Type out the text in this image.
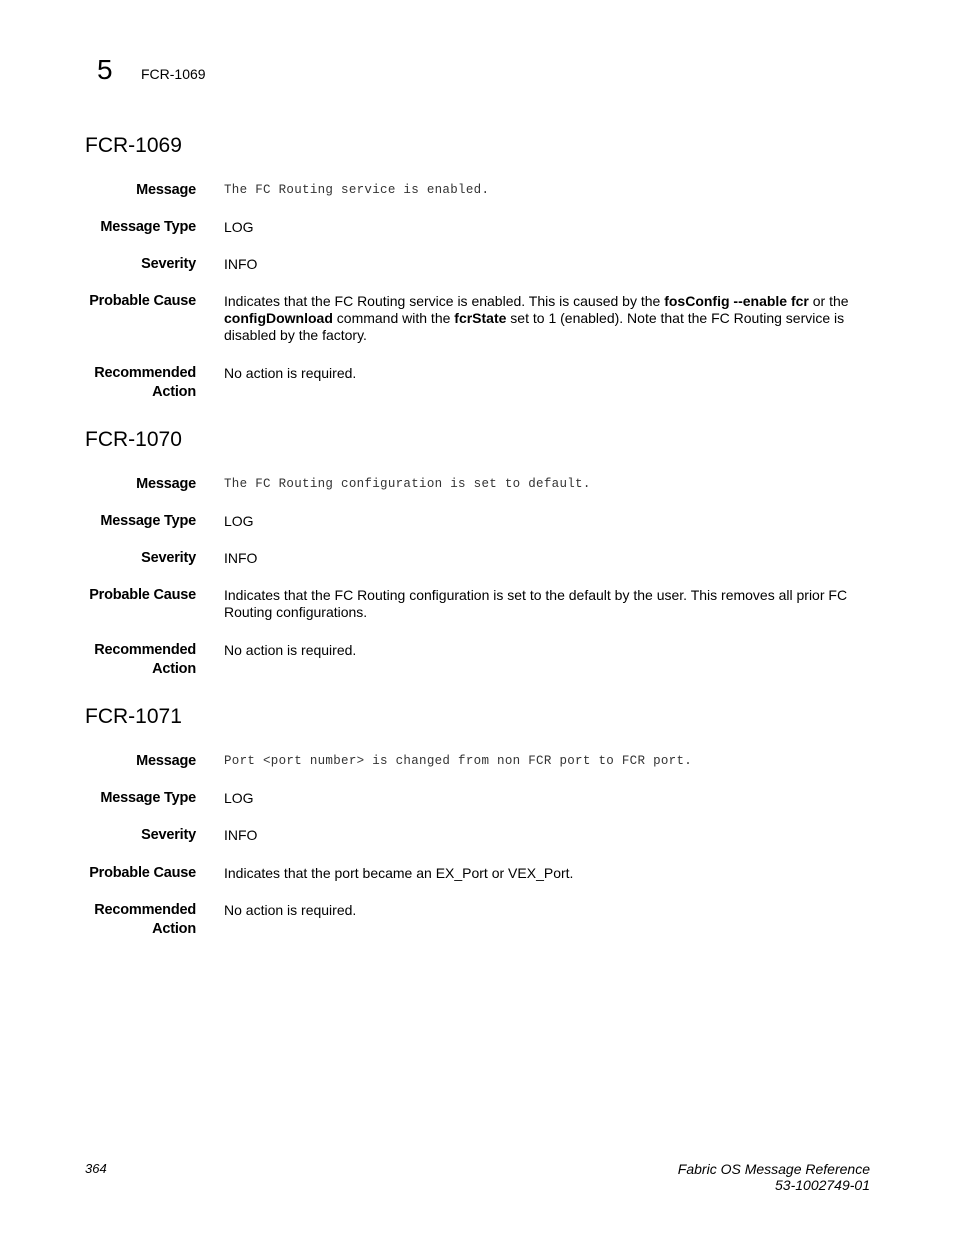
5 FCR-1069
FCR-1069
Message The FC Routing service is enabled.
Message Type LOG
Severity INFO
Probable Cause Indicates that the FC Routing service is enabled. This is caused by the fosConfig --enable fcr or the configDownload command with the fcrState set to 1 (enabled). Note that the FC Routing service is disabled by the factory.
Recommended
Action
No action is required.
FCR-1070
Message The FC Routing configuration is set to default.
Message Type LOG
Severity INFO
Probable Cause Indicates that the FC Routing configuration is set to the default by the user. This removes all prior FC Routing configurations.
Recommended
Action
No action is required.
FCR-1071
Message Port <port number> is changed from non FCR port to FCR port.
Message Type LOG
Severity INFO
Probable Cause Indicates that the port became an EX_Port or VEX_Port.
Recommended
Action
No action is required.
364	Fabric OS Message Reference
53-1002749-01
